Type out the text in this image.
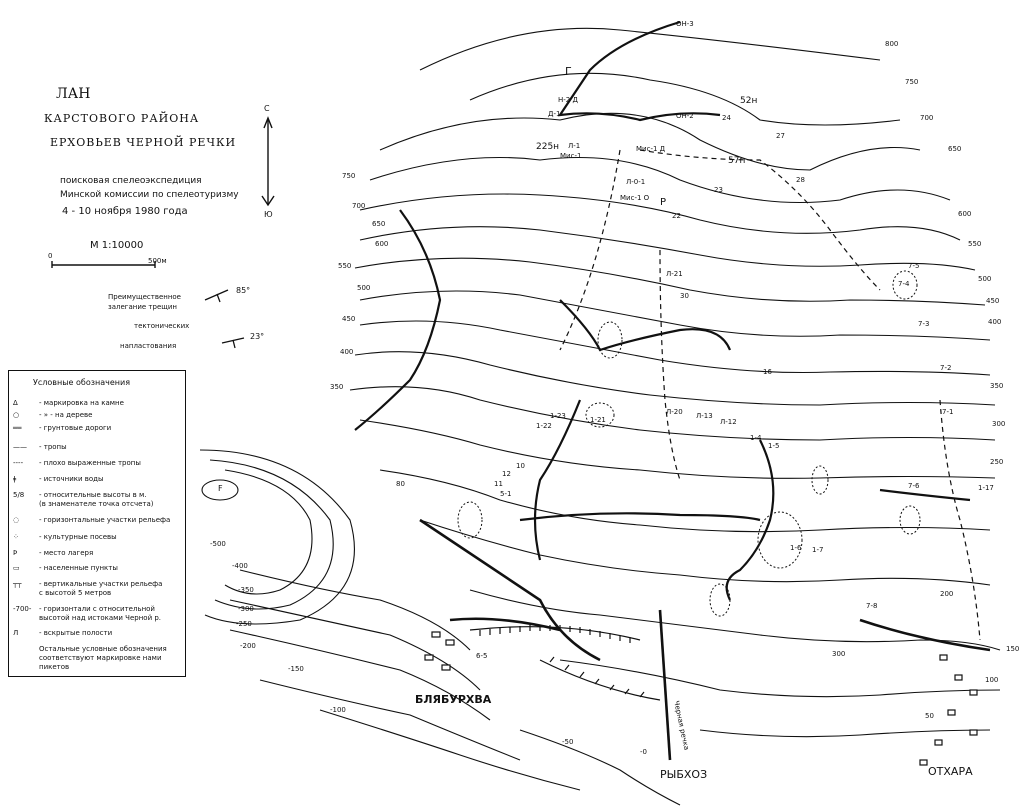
ЛАН
КАРСТОВОГО РАЙОНА
ЕРХОВЬЕВ ЧЕРНОЙ РЕЧКИ
поисковая спелеоэкспедиция
Минской комиссии по спелеотуризму
4 - 10 ноября 1980 года
М 1:10000
0
500м
С
Ю
Преимущественное
залегание трещин
тектонических
напластования
85°
23°
Условные обозначения
Δ	- маркировка на камне
○	- » - на дереве
══	- грунтовые дороги
—— - тропы
---- - плохо выраженные тропы
ǂ	- источники воды
5/8 - относительные высоты в м.
(в знаменателе точка отсчета)
◌	- горизонтальные участки рельефа
⁘	- культурные посевы
Ϸ	- место лагеря
▭	- населенные пункты
┬┬	- вертикальные участки рельефа
с высотой 5 метров
-700- - горизонтали с относительной
высотой над истоками Черной р.
Л	- вскрытые полости
Остальные условные обозначения
соответствуют маркировке нами
пикетов
БЛЯБУРХВА
РЫБХОЗ	ОТХАРА
Черная речка
F
Г
Р
800
750
700
650
600
550
500
450
400
350
300
250
200
150
100
50
750
700
650
600
550
500
450
400
350
-500
-400
-350
-300
-250
-200
-150
-100
-50
-0
ОН-3
Н-2 Д
Д-1	ОН-2
225н Л-1
Мис-1
Мис-1 Д
Мис-1 О
Л-0-1
52н
57п
22
23
24
27
28
7-4
7-5
7-3
7-2
7-1
Л-12
Л-13
Л-20
Л-21
1-21
1-22
1-23
7-8
7-6	1-17
1-4
1-5
1-6 1-7
6-5
5-1
12
10
11
16
30
80
300
